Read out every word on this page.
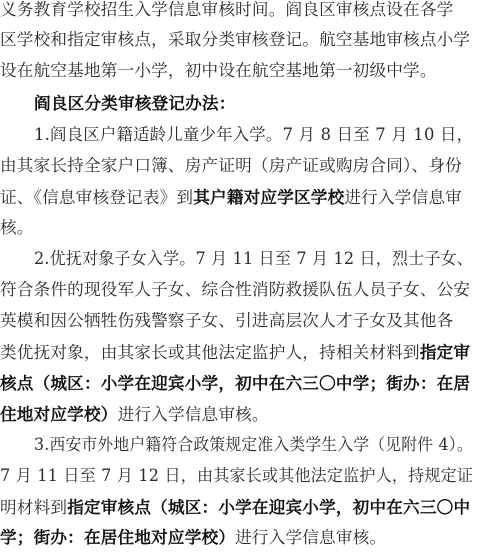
义务教育学校招生入学信息审核时间。阎良区审核点设在各学
区学校和指定审核点，采取分类审核登记。航空基地审核点小学
设在航空基地第一小学，初中设在航空基地第一初级中学。
阎良区分类审核登记办法：
1.阎良区户籍适龄儿童少年入学。7 月 8 日至 7 月 10 日，
由其家长持全家户口簿、房产证明（房产证或购房合同）、身份
证、《信息审核登记表》到其户籍对应学区学校进行入学信息审
核。
2.优抚对象子女入学。7 月 11 日至 7 月 12 日，烈士子女、
符合条件的现役军人子女、综合性消防救援队伍人员子女、公安
英模和因公牺牲伤残警察子女、引进高层次人才子女及其他各
类优抚对象，由其家长或其他法定监护人，持相关材料到指定审
核点（城区：小学在迎宾小学，初中在六三〇中学；街办：在居
住地对应学校）进行入学信息审核。
3.西安市外地户籍符合政策规定准入类学生入学（见附件 4）。
7 月 11 日至 7 月 12 日，由其家长或其他法定监护人，持规定证
明材料到指定审核点（城区：小学在迎宾小学，初中在六三〇中
学；街办：在居住地对应学校）进行入学信息审核。
